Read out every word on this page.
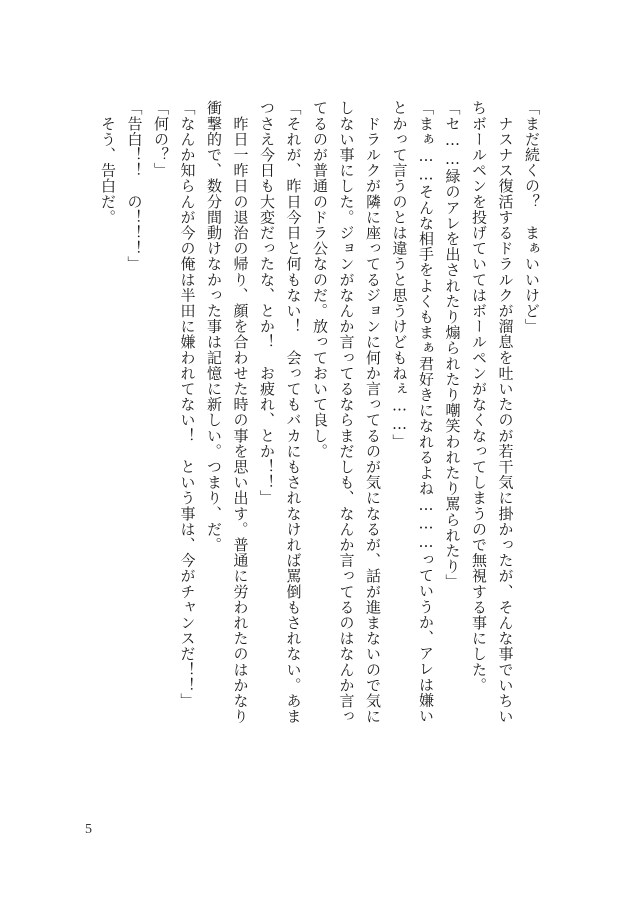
「まだ続くの？　まぁいいけど」
　ナスナス復活するドラルクが溜息を吐いたのが若干気に掛かったが、そんな事でいちい
ちボールペンを投げていてはボールペンがなくなってしまうので無視する事にした。
「セ……緑のアレを出されたり煽られたり嘲笑われたり罵られたり」
「まぁ……そんな相手をよくもまぁ君好きになれるよね………っていうか、アレは嫌い
とかって言うのとは違うと思うけどもねぇ……」
　ドラルクが隣に座ってるジョンに何か言ってるのが気になるが、話が進まないので気に
しない事にした。ジョンがなんか言ってるならまだしも、なんか言ってるのはなんか言っ
てるのが普通のドラ公なのだ。放っておいて良し。
「それが、昨日今日と何もない！　会ってもバカにもされなければ罵倒もされない。あま
つさえ今日も大変だったな、とか！　お疲れ、とか！！」
　昨日一昨日の退治の帰り、顔を合わせた時の事を思い出す。普通に労われたのはかなり
衝撃的で、数分間動けなかった事は記憶に新しい。つまり、だ。
「なんか知らんが今の俺は半田に嫌われてない！　という事は、今がチャンスだ！！」
「何の？」
「告白！！　の！！！」
　そう、告白だ。
5
